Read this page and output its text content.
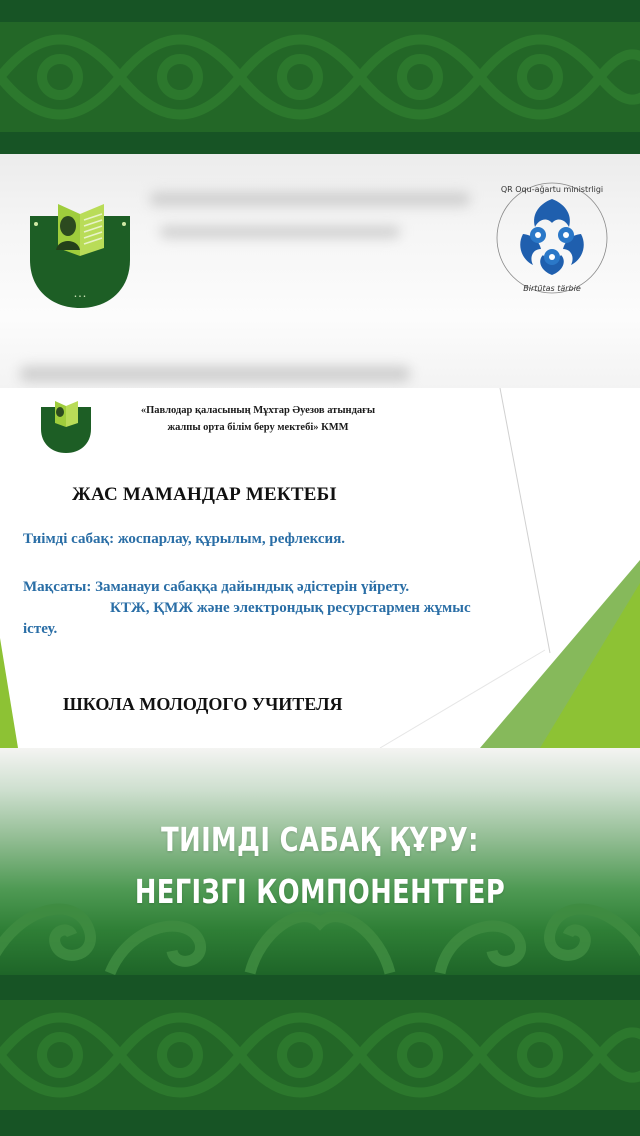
• • •
QR Oqu-ağartu ministrligi
Birtūtas tärbie
«Павлодар қаласының Мұхтар Әуезов атындағы
жалпы орта білім беру мектебі» КММ
ЖАС МАМАНДАР МЕКТЕБІ
Тиімді сабақ: жоспарлау, құрылым, рефлексия.
Мақсаты: Заманауи сабаққа дайындық әдістерін үйрету.
КТЖ, ҚМЖ және электрондық ресурстармен жұмыс
істеу.
ШКОЛА МОЛОДОГО УЧИТЕЛЯ
ТИІМДІ САБАҚ ҚҰРУ:
НЕГІЗГІ КОМПОНЕНТТЕР
